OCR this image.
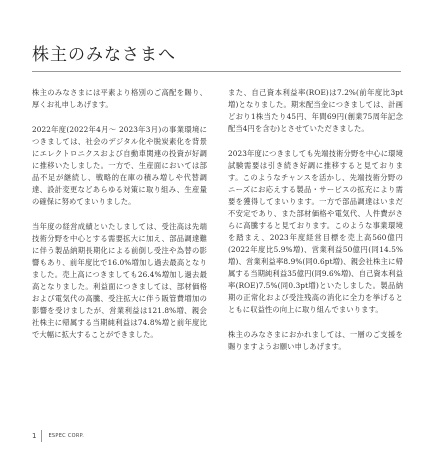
株主のみなさまへ

株主のみなさまには平素より格別のご高配を賜り、厚くお礼申しあげます。

2022年度(2022年4月～ 2023年3月)の事業環境につきましては、社会のデジタル化や脱炭素化を背景にエレクトロニクスおよび自動車関連の投資が好調に推移いたしました。一方で、生産面においては部品不足が継続し、戦略的在庫の積み増しや代替調達、設計変更などあらゆる対策に取り組み、生産量の確保に努めてまいりました。

当年度の経営成績といたしましては、受注高は先端技術分野を中心とする需要拡大に加え、部品調達難に伴う製品納期長期化による前倒し受注や為替の影響もあり、前年度比で16.0%増加し過去最高となりました。売上高につきましても26.4%増加し過去最高となりました。利益面につきましては、部材価格および電気代の高騰、受注拡大に伴う販管費増加の影響を受けましたが、営業利益は121.8%増、親会社株主に帰属する当期純利益は74.8%増と前年度比で大幅に拡大することができました。

また、自己資本利益率(ROE)は7.2%(前年度比3pt増)となりました。期末配当金につきましては、計画どおり1株当たり45円、年間69円(創業75周年記念配当4円を含む)とさせていただきました。

2023年度につきましても先端技術分野を中心に環境試験需要は引き続き好調に推移すると見ております。このようなチャンスを活かし、先端技術分野のニーズにお応えする製品・サービスの拡充により需要を獲得してまいります。一方で部品調達はいまだ不安定であり、また部材価格や電気代、人件費がさらに高騰すると見ております。このような事業環境を踏まえ、2023年度経営目標を売上高560億円(2022年度比5.9%増)、営業利益50億円(同14.5%増)、営業利益率8.9%(同0.6pt増)、親会社株主に帰属する当期純利益35億円(同9.6%増)、自己資本利益率(ROE)7.5%(同0.3pt増)といたしました。製品納期の正常化および受注残高の消化に全力を挙げるとともに収益性の向上に取り組んでまいります。

株主のみなさまにおかれましては、一層のご支援を賜りますようお願い申しあげます。

1 ESPEC CORP.
